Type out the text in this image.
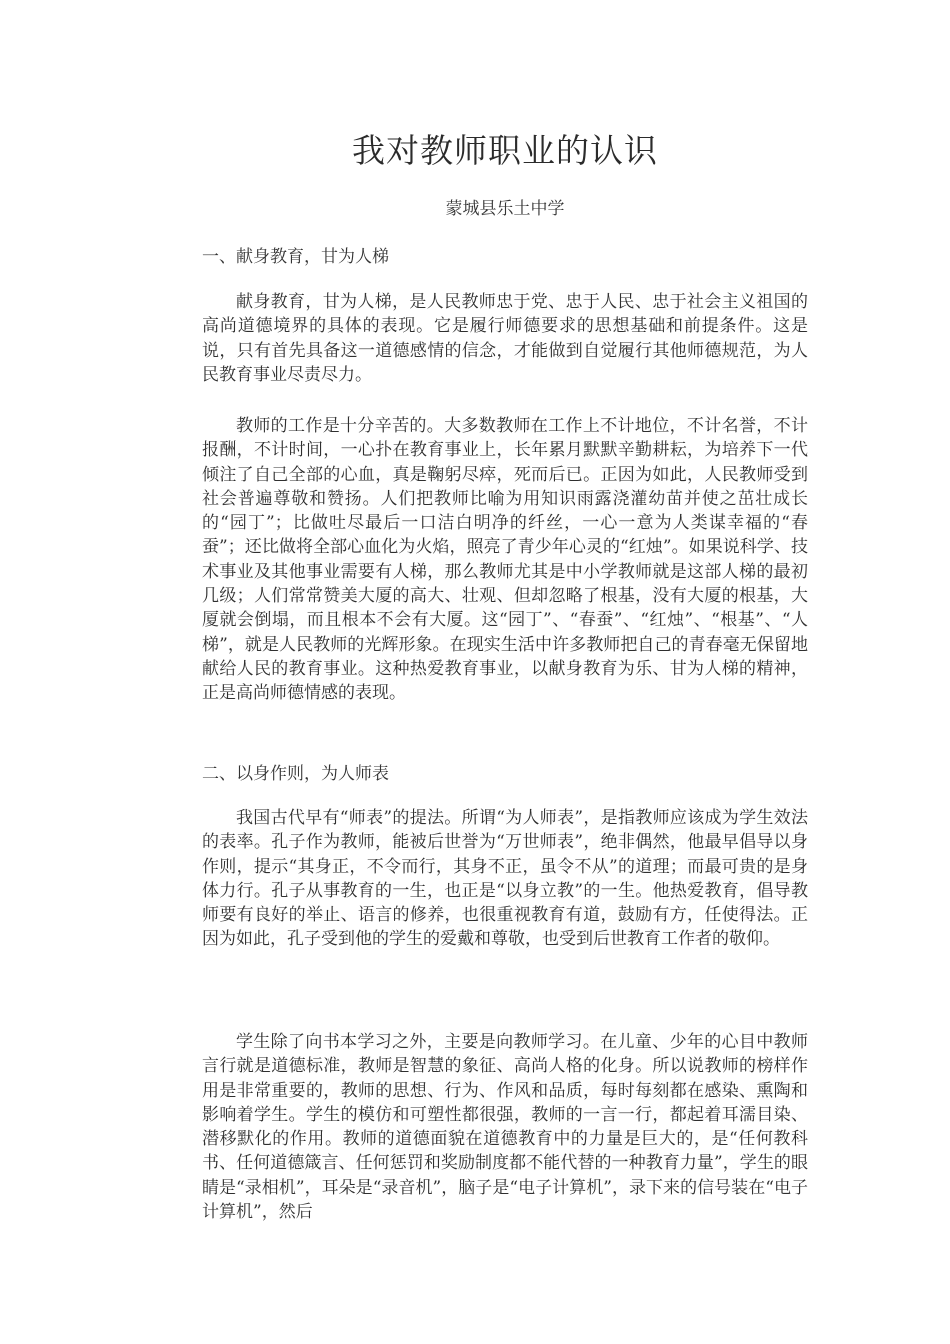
我对教师职业的认识
蒙城县乐土中学
一、献身教育，甘为人梯

献身教育，甘为人梯，是人民教师忠于党、忠于人民、忠于社会主义祖国的高尚道德境界的具体的表现。它是履行师德要求的思想基础和前提条件。这是说，只有首先具备这一道德感情的信念，才能做到自觉履行其他师德规范，为人民教育事业尽责尽力。

教师的工作是十分辛苦的。大多数教师在工作上不计地位，不计名誉，不计报酬，不计时间，一心扑在教育事业上，长年累月默默辛勤耕耘，为培养下一代倾注了自己全部的心血，真是鞠躬尽瘁，死而后已。正因为如此，人民教师受到社会普遍尊敬和赞扬。人们把教师比喻为用知识雨露浇灌幼苗并使之茁壮成长的“园丁”；比做吐尽最后一口洁白明净的纤丝，一心一意为人类谋幸福的“春蚕”；还比做将全部心血化为火焰，照亮了青少年心灵的“红烛”。如果说科学、技术事业及其他事业需要有人梯，那么教师尤其是中小学教师就是这部人梯的最初几级；人们常常赞美大厦的高大、壮观、但却忽略了根基，没有大厦的根基，大厦就会倒塌，而且根本不会有大厦。这“园丁”、“春蚕”、“红烛”、“根基”、“人梯”，就是人民教师的光辉形象。在现实生活中许多教师把自己的青春毫无保留地献给人民的教育事业。这种热爱教育事业，以献身教育为乐、甘为人梯的精神，正是高尚师德情感的表现。

二、以身作则，为人师表

我国古代早有“师表”的提法。所谓“为人师表”，是指教师应该成为学生效法的表率。孔子作为教师，能被后世誉为“万世师表”，绝非偶然，他最早倡导以身作则，提示“其身正，不令而行，其身不正，虽令不从”的道理；而最可贵的是身体力行。孔子从事教育的一生，也正是“以身立教”的一生。他热爱教育，倡导教师要有良好的举止、语言的修养，也很重视教育有道，鼓励有方，任使得法。正因为如此，孔子受到他的学生的爱戴和尊敬，也受到后世教育工作者的敬仰。

学生除了向书本学习之外，主要是向教师学习。在儿童、少年的心目中教师言行就是道德标准，教师是智慧的象征、高尚人格的化身。所以说教师的榜样作用是非常重要的，教师的思想、行为、作风和品质，每时每刻都在感染、熏陶和影响着学生。学生的模仿和可塑性都很强，教师的一言一行，都起着耳濡目染、潜移默化的作用。教师的道德面貌在道德教育中的力量是巨大的，是“任何教科书、任何道德箴言、任何惩罚和奖励制度都不能代替的一种教育力量”，学生的眼睛是“录相机”，耳朵是“录音机”，脑子是“电子计算机”，录下来的信号装在“电子计算机”，然后
